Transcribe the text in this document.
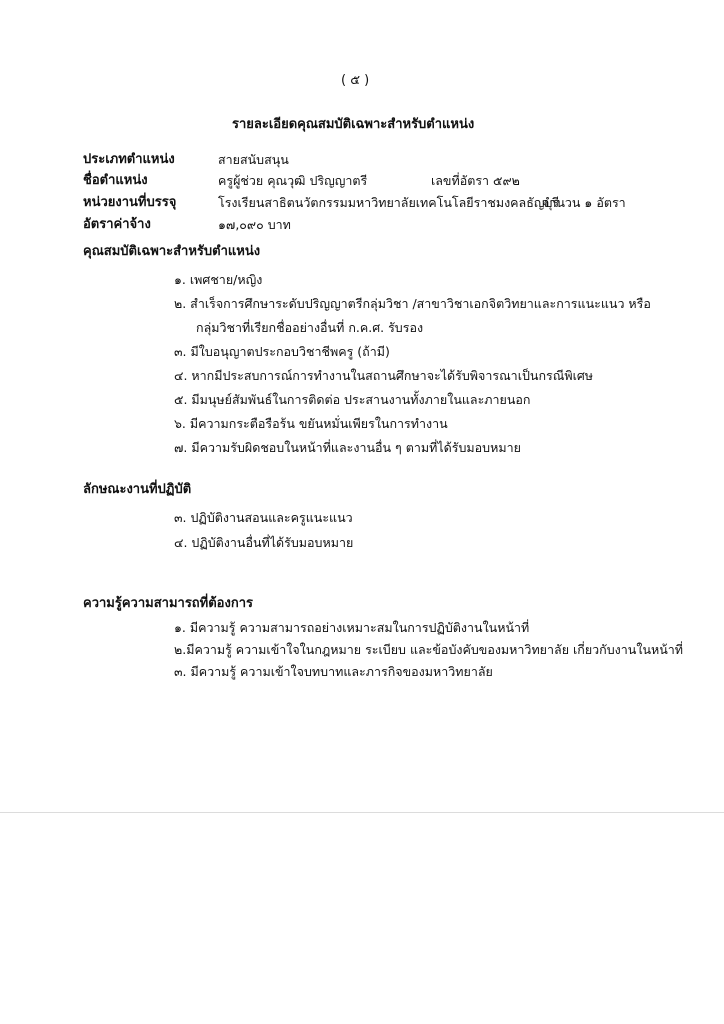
( ๕ )
รายละเอียดคุณสมบัติเฉพาะสำหรับตำแหน่ง
ประเภทตำแหน่ง	สายสนับสนุน
ชื่อตำแหน่ง	ครูผู้ช่วย คุณวุฒิ ปริญญาตรี	เลขที่อัตรา ๕๙๒
หน่วยงานที่บรรจุ	โรงเรียนสาธิตนวัตกรรมมหาวิทยาลัยเทคโนโลยีราชมงคลธัญบุรี
จำนวน ๑ อัตรา
อัตราค่าจ้าง	๑๗,๐๙๐ บาท
คุณสมบัติเฉพาะสำหรับตำแหน่ง
๑. เพศชาย/หญิง
๒. สำเร็จการศึกษาระดับปริญญาตรีกลุ่มวิชา /สาขาวิชาเอกจิตวิทยาและการแนะแนว หรือ
กลุ่มวิชาที่เรียกชื่ออย่างอื่นที่ ก.ค.ศ. รับรอง
๓. มีใบอนุญาตประกอบวิชาชีพครู (ถ้ามี)
๔. หากมีประสบการณ์การทำงานในสถานศึกษาจะได้รับพิจารณาเป็นกรณีพิเศษ
๕. มีมนุษย์สัมพันธ์ในการติดต่อ ประสานงานทั้งภายในและภายนอก
๖. มีความกระตือรือร้น ขยันหมั่นเพียรในการทำงาน
๗. มีความรับผิดชอบในหน้าที่และงานอื่น ๆ ตามที่ได้รับมอบหมาย
ลักษณะงานที่ปฏิบัติ
๓. ปฏิบัติงานสอนและครูแนะแนว
๔. ปฏิบัติงานอื่นที่ได้รับมอบหมาย
ความรู้ความสามารถที่ต้องการ
๑. มีความรู้ ความสามารถอย่างเหมาะสมในการปฏิบัติงานในหน้าที่
๒.มีความรู้ ความเข้าใจในกฎหมาย ระเบียบ และข้อบังคับของมหาวิทยาลัย เกี่ยวกับงานในหน้าที่
๓. มีความรู้ ความเข้าใจบทบาทและภารกิจของมหาวิทยาลัย
